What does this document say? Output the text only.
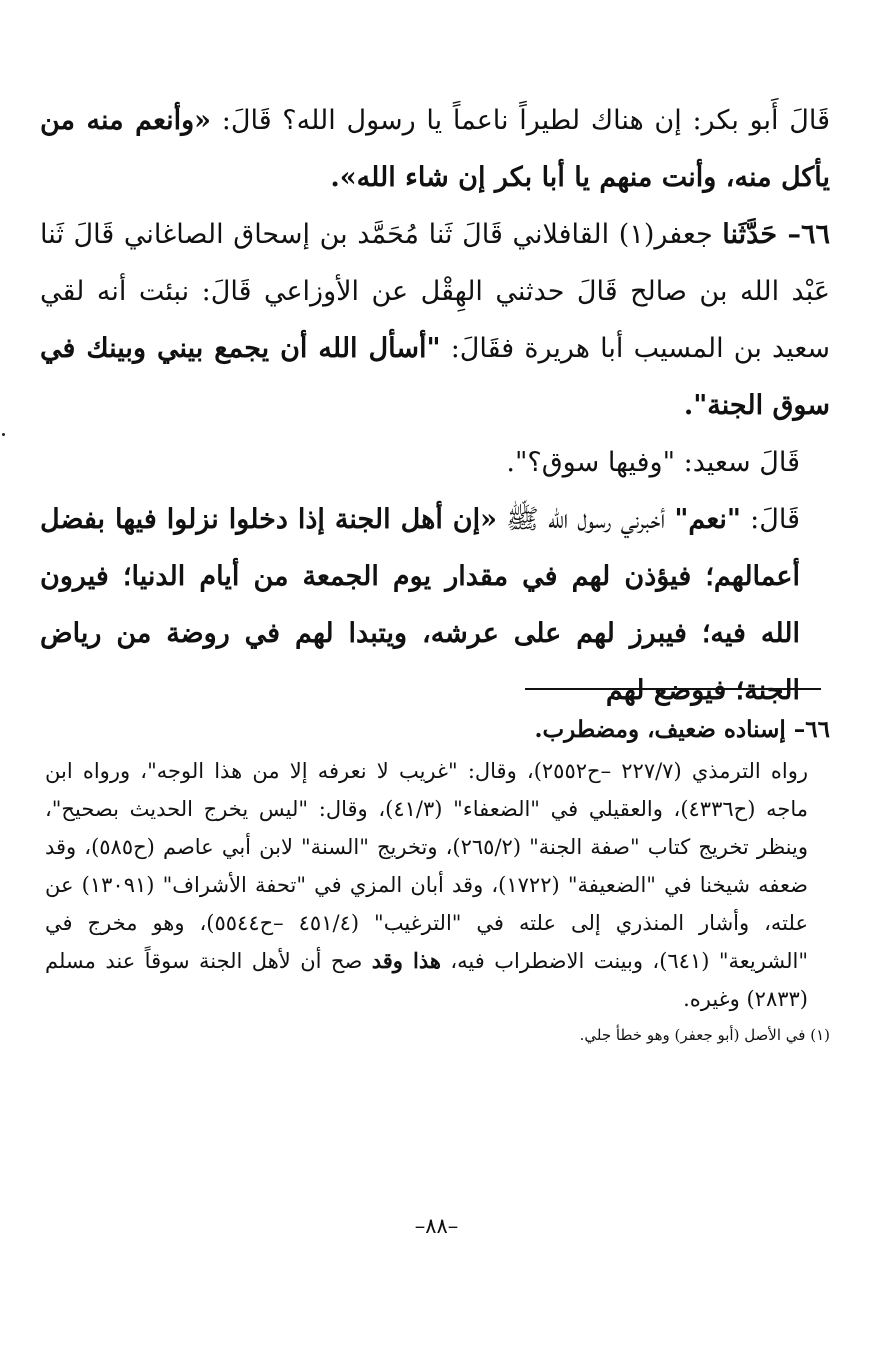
قَالَ أَبو بكر: إن هناك لطيراً ناعماً يا رسول الله؟ قَالَ: «وأنعم منه من يأكل منه، وأنت منهم يا أبا بكر إن شاء الله».

٦٦– حَدَّثَنا جعفر(١) القافلاني قَالَ ثَنا مُحَمَّد بن إسحاق الصاغاني قَالَ ثَنا عَبْد الله بن صالح قَالَ حدثني الهِقْل عن الأوزاعي قَالَ: نبئت أنه لقي سعيد بن المسيب أبا هريرة فقَالَ: "أسأل الله أن يجمع بيني وبينك في سوق الجنة".

قَالَ سعيد: "وفيها سوق؟".

قَالَ: "نعم" أخبرني رسول الله ﷺ «إن أهل الجنة إذا دخلوا نزلوا فيها بفضل أعمالهم؛ فيؤذن لهم في مقدار يوم الجمعة من أيام الدنيا؛ فيرون الله فيه؛ فيبرز لهم على عرشه، ويتبدا لهم في روضة من رياض الجنة؛ فيوضع لهم

٦٦– إسناده ضعيف، ومضطرب.

رواه الترمذي (٢٢٧/٧ –ح٢٥٥٢)، وقال: "غريب لا نعرفه إلا من هذا الوجه"، ورواه ابن ماجه (ح٤٣٣٦)، والعقيلي في "الضعفاء" (٤١/٣)، وقال: "ليس يخرج الحديث بصحيح"، وينظر تخريج كتاب "صفة الجنة" (٢٦٥/٢)، وتخريج "السنة" لابن أبي عاصم (ح٥٨٥)، وقد ضعفه شيخنا في "الضعيفة" (١٧٢٢)، وقد أبان المزي في "تحفة الأشراف" (١٣٠٩١) عن علته، وأشار المنذري إلى علته في "الترغيب" (٤٥١/٤ –ح٥٥٤٤)، وهو مخرج في "الشريعة" (٦٤١)، وبينت الاضطراب فيه، هذا وقد صح أن لأهل الجنة سوقاً عند مسلم (٢٨٣٣) وغيره.

(١) في الأصل (أبو جعفر) وهو خطأ جلي.

–٨٨–
